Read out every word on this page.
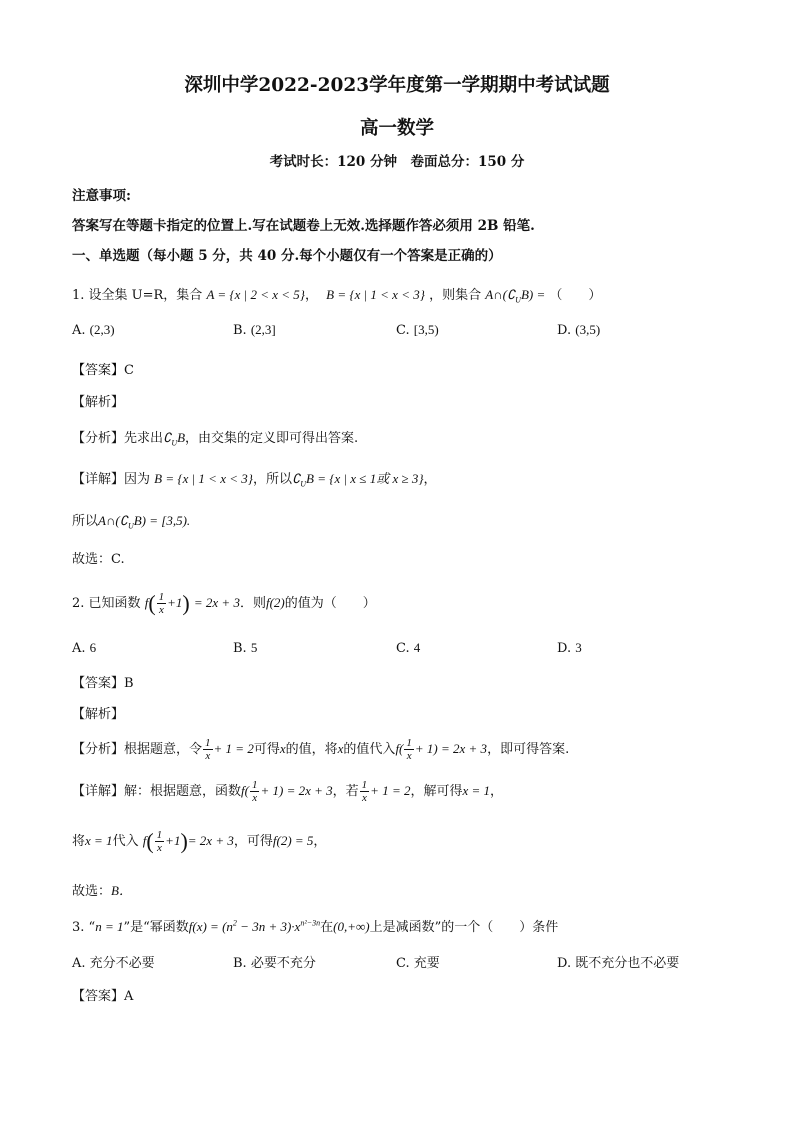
深圳中学2022-2023学年度第一学期期中考试试题
高一数学
考试时长：120 分钟　卷面总分：150 分
注意事项:
答案写在等题卡指定的位置上.写在试题卷上无效.选择题作答必须用 2B 铅笔.
一、单选题（每小题 5 分，共 40 分.每个小题仅有一个答案是正确的）
1. 设全集 U=R，集合 A = {x | 2 < x < 5}， B = {x | 1 < x < 3} ，则集合 $A\cap(∁_UB)$ = （　　）
A. (2,3)	B. (2,3]	C. [3,5)	D. (3,5)
【答案】C
【解析】
【分析】先求出$∁_UB$，由交集的定义即可得出答案.
【详解】因为 B = {x | 1 < x < 3}，所以$∁_UB = \{x$ | x ≤ 1或 x ≥ 3}，
所以$A\cap(∁_UB) = [3,5)$.
故选：C.
2. 已知函数 $f( \frac{1}{x} +1) = 2x + 3$．则f(2)的值为（　　）
A. 6	B. 5	C. 4	D. 3
【答案】B
【解析】
【分析】根据题意，令 $\frac{1}{x} + 1 = 2$可得x的值，将x的值代入$f( \frac{1}{x} + 1) = 2x + 3$，即可得答案.
【详解】解：根据题意，函数$f( \frac{1}{x} + 1) = 2x + 3$，若 $\frac{1}{x} + 1 = 2$，解可得x = 1，
将x = 1代入 $f( \frac{1}{x} +1)= 2x + 3$，可得f(2) = 5，
故选：B．
3. “n = 1”是“幂函数$f(x) = (n^2 - 3n + 3)\cdot x^{n^2-3n}$在(0,+∞)上是减函数”的一个（　　）条件
A. 充分不必要	B. 必要不充分	C. 充要	D. 既不充分也不必要
【答案】A
